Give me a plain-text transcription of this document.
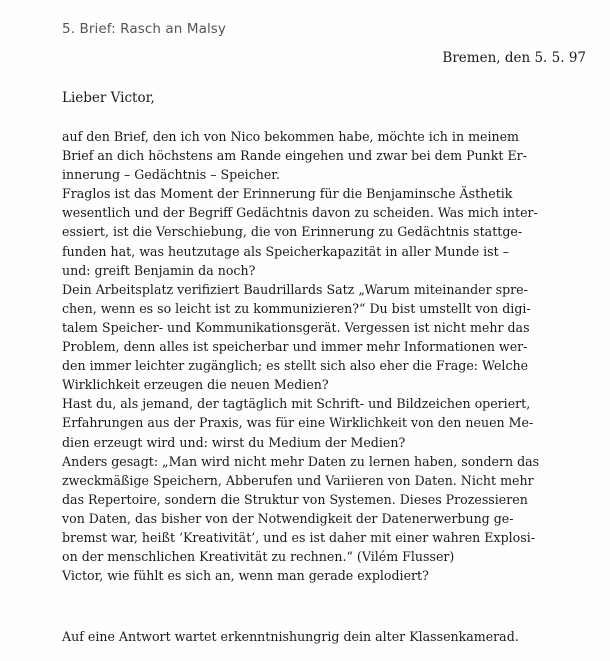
5. Brief: Rasch an Malsy
Bremen, den 5. 5. 97
Lieber Victor,
auf den Brief, den ich von Nico bekommen habe, möchte ich in meinem
Brief an dich höchstens am Rande eingehen und zwar bei dem Punkt Er-
innerung – Gedächtnis – Speicher.
Fraglos ist das Moment der Erinnerung für die Benjaminsche Ästhetik
wesentlich und der Begriff Gedächtnis davon zu scheiden. Was mich inter-
essiert, ist die Verschiebung, die von Erinnerung zu Gedächtnis stattge-
funden hat, was heutzutage als Speicherkapazität in aller Munde ist –
und: greift Benjamin da noch?
Dein Arbeitsplatz verifiziert Baudrillards Satz „Warum miteinander spre-
chen, wenn es so leicht ist zu kommunizieren?“ Du bist umstellt von digi-
talem Speicher- und Kommunikationsgerät. Vergessen ist nicht mehr das
Problem, denn alles ist speicherbar und immer mehr Informationen wer-
den immer leichter zugänglich; es stellt sich also eher die Frage: Welche
Wirklichkeit erzeugen die neuen Medien?
Hast du, als jemand, der tagtäglich mit Schrift- und Bildzeichen operiert,
Erfahrungen aus der Praxis, was für eine Wirklichkeit von den neuen Me-
dien erzeugt wird und: wirst du Medium der Medien?
Anders gesagt: „Man wird nicht mehr Daten zu lernen haben, sondern das
zweckmäßige Speichern, Abberufen und Variieren von Daten. Nicht mehr
das Repertoire, sondern die Struktur von Systemen. Dieses Prozessieren
von Daten, das bisher von der Notwendigkeit der Datenerwerbung ge-
bremst war, heißt ‘Kreativität’, und es ist daher mit einer wahren Explosi-
on der menschlichen Kreativität zu rechnen.“ (Vilém Flusser)
Victor, wie fühlt es sich an, wenn man gerade explodiert?
Auf eine Antwort wartet erkenntnishungrig dein alter Klassenkamerad.
